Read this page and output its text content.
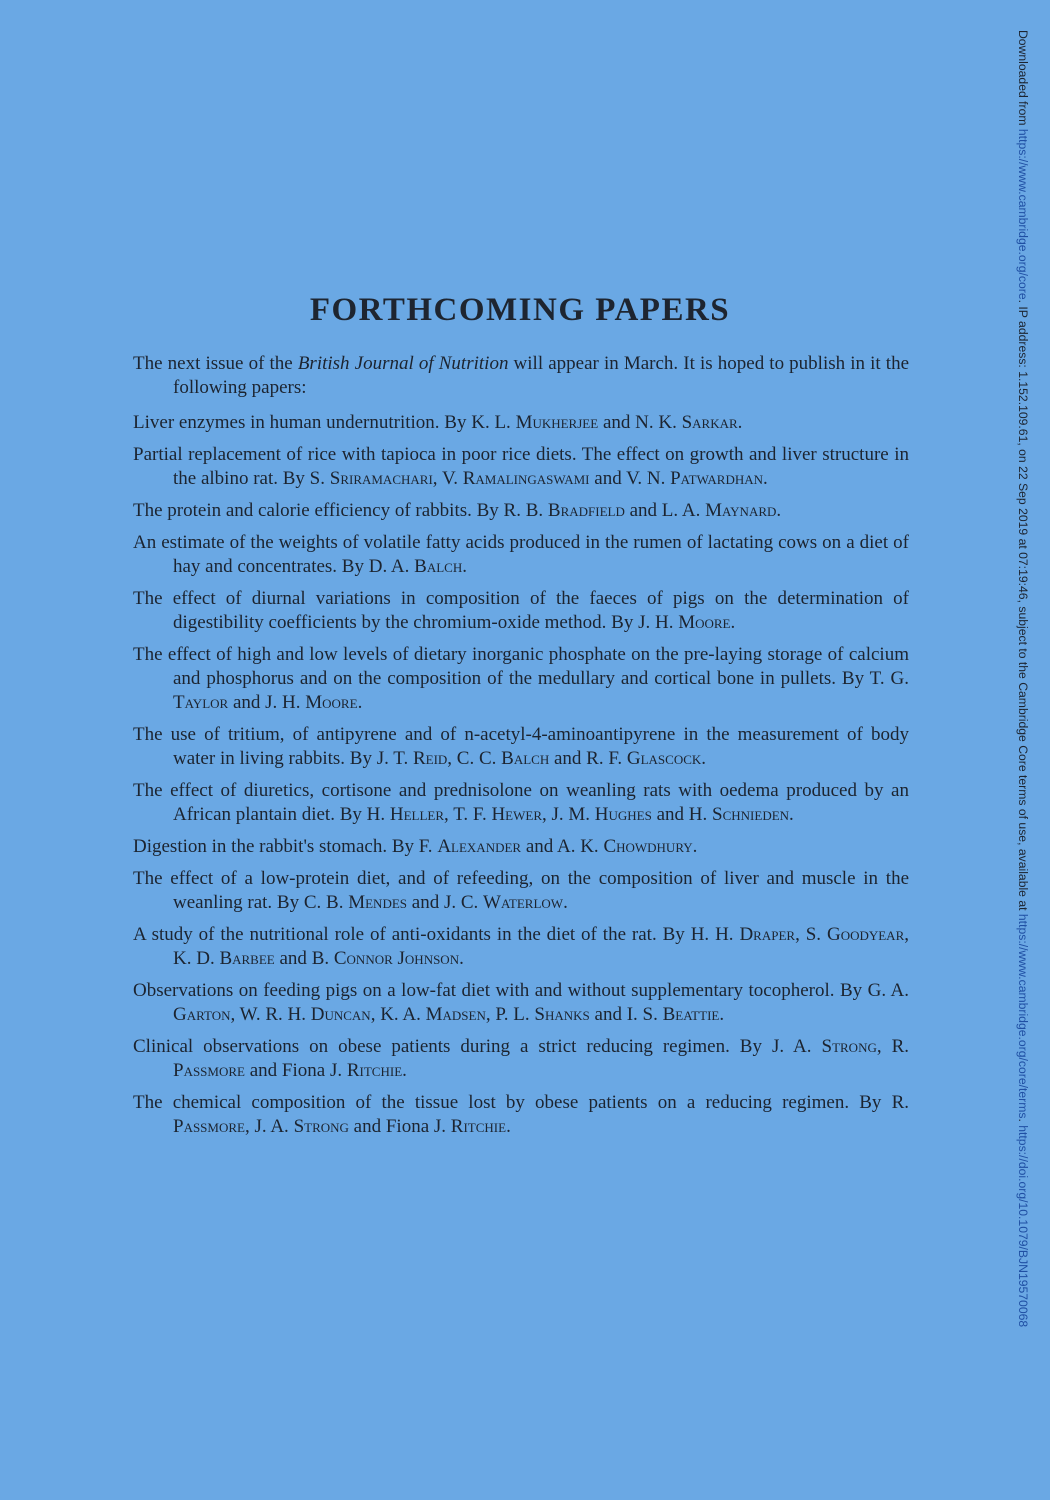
FORTHCOMING PAPERS

The next issue of the British Journal of Nutrition will appear in March. It is hoped to publish in it the following papers:

Liver enzymes in human undernutrition. By K. L. Mukherjee and N. K. Sarkar.

Partial replacement of rice with tapioca in poor rice diets. The effect on growth and liver structure in the albino rat. By S. Sriramachari, V. Ramalingaswami and V. N. Patwardhan.

The protein and calorie efficiency of rabbits. By R. B. Bradfield and L. A. Maynard.

An estimate of the weights of volatile fatty acids produced in the rumen of lactating cows on a diet of hay and concentrates. By D. A. Balch.

The effect of diurnal variations in composition of the faeces of pigs on the determination of digestibility coefficients by the chromium-oxide method. By J. H. Moore.

The effect of high and low levels of dietary inorganic phosphate on the pre-laying storage of calcium and phosphorus and on the composition of the medullary and cortical bone in pullets. By T. G. Taylor and J. H. Moore.

The use of tritium, of antipyrene and of n-acetyl-4-aminoantipyrene in the measurement of body water in living rabbits. By J. T. Reid, C. C. Balch and R. F. Glascock.

The effect of diuretics, cortisone and prednisolone on weanling rats with oedema produced by an African plantain diet. By H. Heller, T. F. Hewer, J. M. Hughes and H. Schnieden.

Digestion in the rabbit's stomach. By F. Alexander and A. K. Chowdhury.

The effect of a low-protein diet, and of refeeding, on the composition of liver and muscle in the weanling rat. By C. B. Mendes and J. C. Waterlow.

A study of the nutritional role of anti-oxidants in the diet of the rat. By H. H. Draper, S. Goodyear, K. D. Barbee and B. Connor Johnson.

Observations on feeding pigs on a low-fat diet with and without supplementary tocopherol. By G. A. Garton, W. R. H. Duncan, K. A. Madsen, P. L. Shanks and I. S. Beattie.

Clinical observations on obese patients during a strict reducing regimen. By J. A. Strong, R. Passmore and Fiona J. Ritchie.

The chemical composition of the tissue lost by obese patients on a reducing regimen. By R. Passmore, J. A. Strong and Fiona J. Ritchie.

Downloaded from https://www.cambridge.org/core. IP address: 1.152.109.61, on 22 Sep 2019 at 07:19:46, subject to the Cambridge Core terms of use, available at https://www.cambridge.org/core/terms. https://doi.org/10.1079/BJN19570068
